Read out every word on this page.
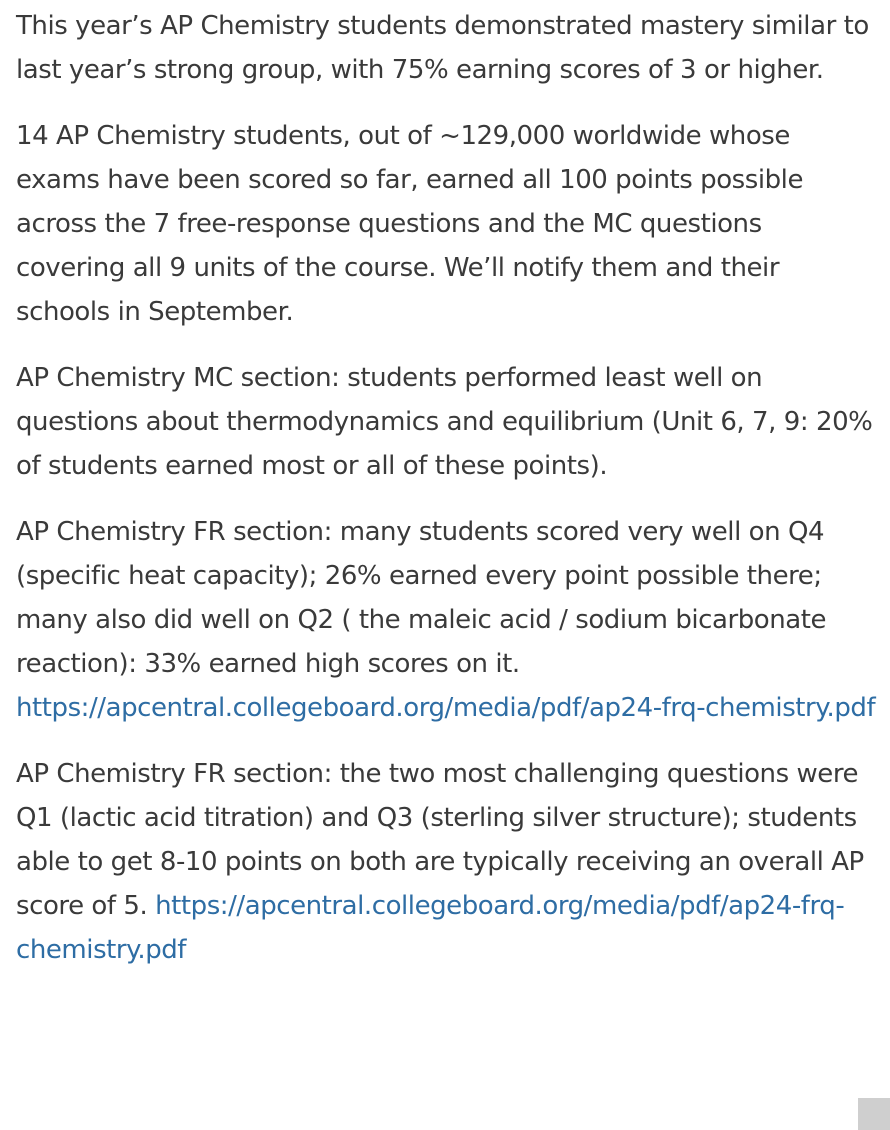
This year’s AP Chemistry students demonstrated mastery similar to last year’s strong group, with 75% earning scores of 3 or higher.

14 AP Chemistry students, out of ~129,000 worldwide whose exams have been scored so far, earned all 100 points possible across the 7 free-response questions and the MC questions covering all 9 units of the course. We’ll notify them and their schools in September.

AP Chemistry MC section: students performed least well on questions about thermodynamics and equilibrium (Unit 6, 7, 9: 20% of students earned most or all of these points).

AP Chemistry FR section: many students scored very well on Q4 (specific heat capacity); 26% earned every point possible there; many also did well on Q2 ( the maleic acid / sodium bicarbonate reaction): 33% earned high scores on it. https://apcentral.collegeboard.org/media/pdf/ap24-frq-chemistry.pdf

AP Chemistry FR section: the two most challenging questions were Q1 (lactic acid titration) and Q3 (sterling silver structure); students able to get 8-10 points on both are typically receiving an overall AP score of 5. https://apcentral.collegeboard.org/media/pdf/ap24-frq-chemistry.pdf
